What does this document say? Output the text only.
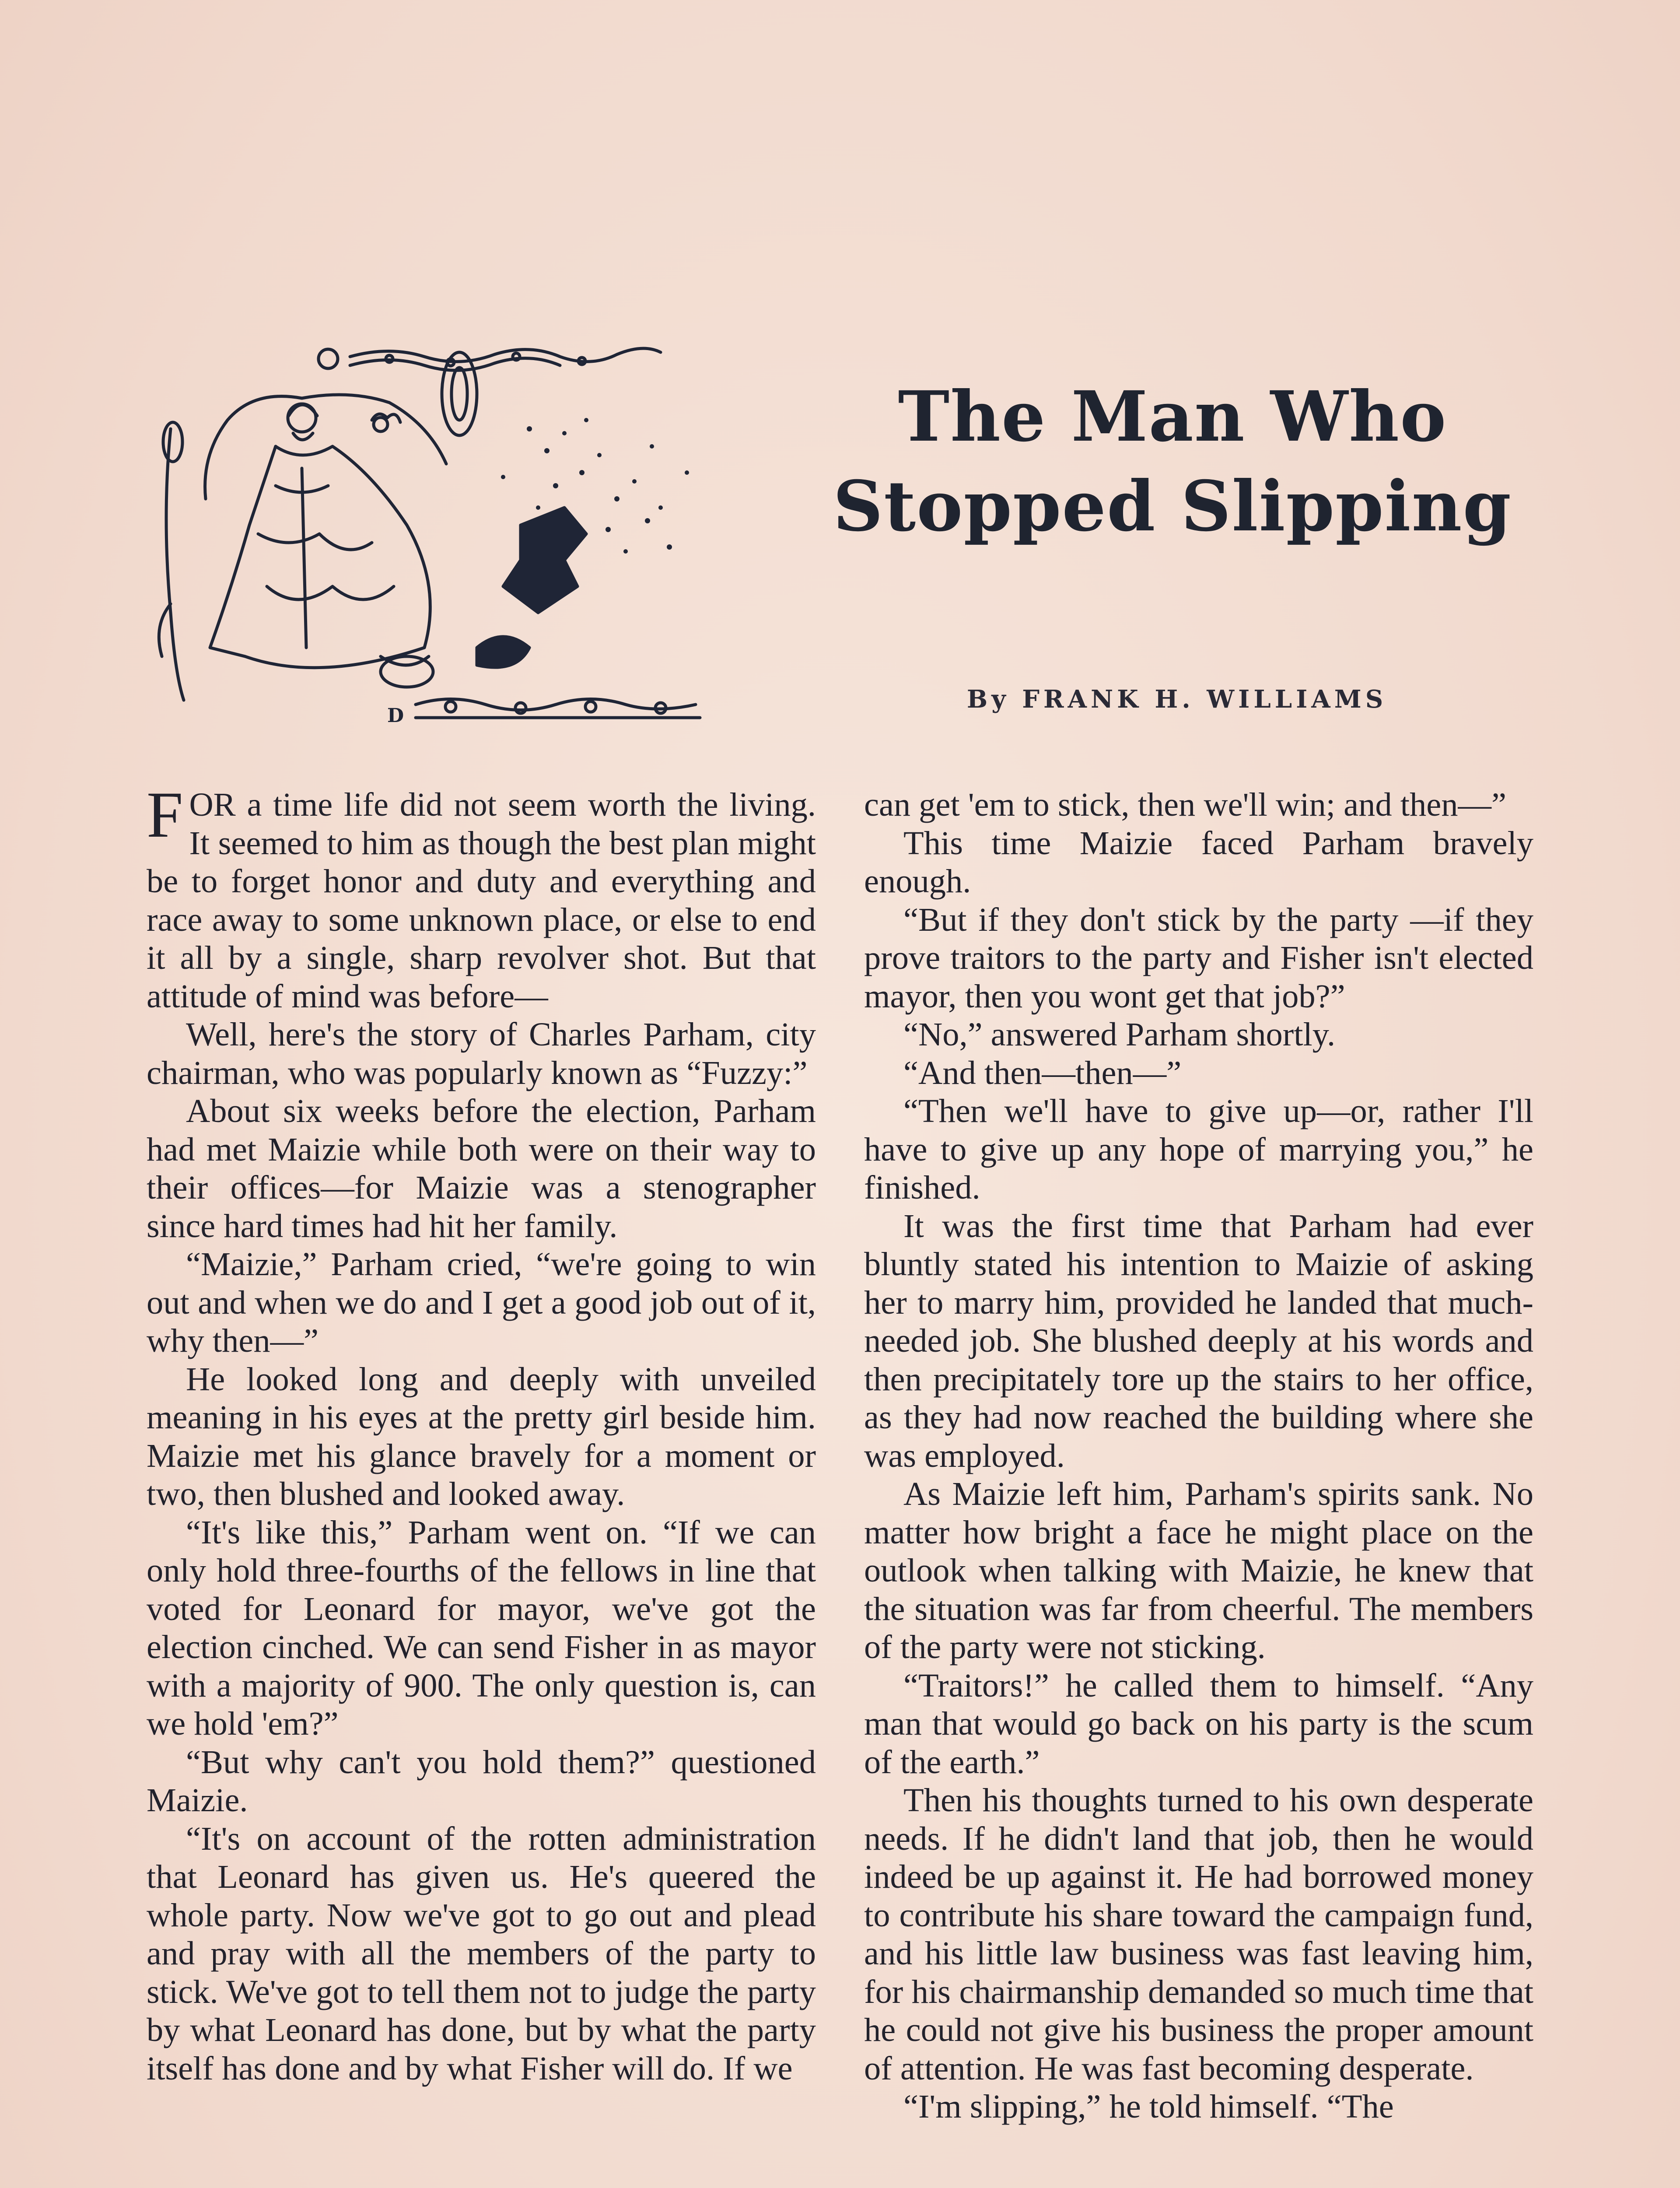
D
The Man Who
Stopped Slipping
By FRANK H. WILLIAMS

FOR a time life did not seem worth the living. It seemed to him as though the best plan might be to forget honor and duty and everything and race away to some unknown place, or else to end it all by a single, sharp revolver shot. But that attitude of mind was before—

Well, here's the story of Charles Parham, city chairman, who was popularly known as “Fuzzy:”

About six weeks before the election, Parham had met Maizie while both were on their way to their offices—for Maizie was a stenographer since hard times had hit her family.

“Maizie,” Parham cried, “we're going to win out and when we do and I get a good job out of it, why then—”

He looked long and deeply with unveiled meaning in his eyes at the pretty girl beside him. Maizie met his glance bravely for a moment or two, then blushed and looked away.

“It's like this,” Parham went on. “If we can only hold three-fourths of the fellows in line that voted for Leonard for mayor, we've got the election cinched. We can send Fisher in as mayor with a majority of 900. The only question is, can we hold 'em?”

“But why can't you hold them?” questioned Maizie.

“It's on account of the rotten administration that Leonard has given us. He's queered the whole party. Now we've got to go out and plead and pray with all the members of the party to stick. We've got to tell them not to judge the party by what Leonard has done, but by what the party itself has done and by what Fisher will do. If we

can get 'em to stick, then we'll win; and then—”

This time Maizie faced Parham bravely enough.

“But if they don't stick by the party —if they prove traitors to the party and Fisher isn't elected mayor, then you wont get that job?”

“No,” answered Parham shortly.

“And then—then—”

“Then we'll have to give up—or, rather I'll have to give up any hope of marrying you,” he finished.

It was the first time that Parham had ever bluntly stated his intention to Maizie of asking her to marry him, provided he landed that much-needed job. She blushed deeply at his words and then precipitately tore up the stairs to her office, as they had now reached the building where she was employed.

As Maizie left him, Parham's spirits sank. No matter how bright a face he might place on the outlook when talking with Maizie, he knew that the situation was far from cheerful. The members of the party were not sticking.

“Traitors!” he called them to himself. “Any man that would go back on his party is the scum of the earth.”

Then his thoughts turned to his own desperate needs. If he didn't land that job, then he would indeed be up against it. He had borrowed money to contribute his share toward the campaign fund, and his little law business was fast leaving him, for his chairmanship demanded so much time that he could not give his business the proper amount of attention. He was fast becoming desperate.

“I'm slipping,” he told himself. “The
